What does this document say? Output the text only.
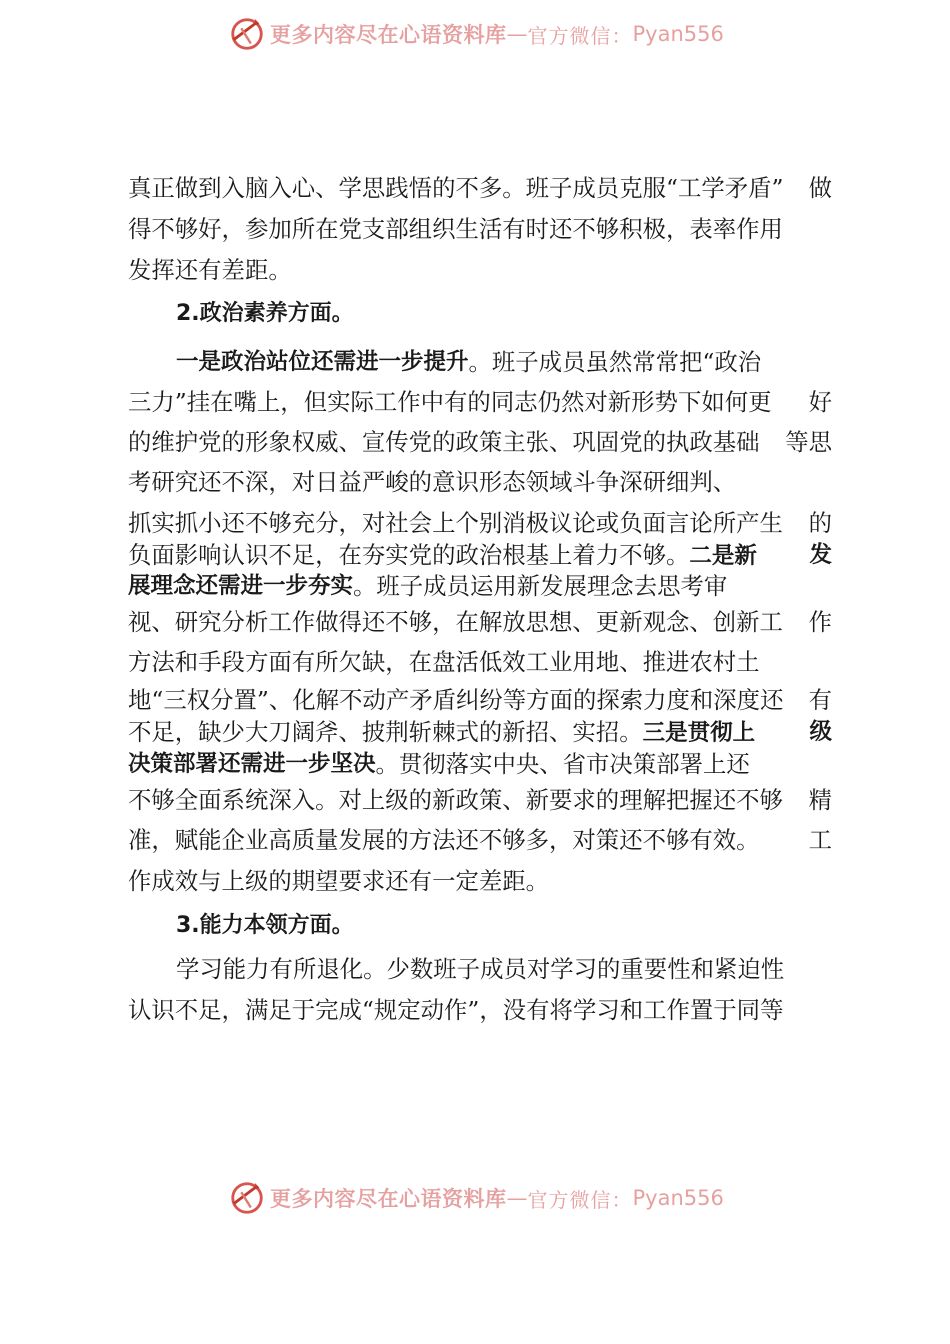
更多内容尽在心语资料库 — 官方微信： Pyan556
真正做到入脑入心、学思践悟的不多。班子成员克服“工学矛盾” 做
得不够好，参加所在党支部组织生活有时还不够积极，表率作用
发挥还有差距。
2.政治素养方面。
一是政治站位还需进一步提升 。班子成员虽然常常把“政治
三力”挂在嘴上，但实际工作中有的同志仍然对新形势下如何更 好
的维护党的形象权威、宣传党的政策主张、巩固党的执政基础 等思
考研究还不深，对日益严峻的意识形态领域斗争深研细判、
抓实抓小还不够充分，对社会上个别消极议论或负面言论所产生 的
负面影响认识不足，在夯实党的政治根基上着力不够。二是新 发
展理念还需进一步夯实 。班子成员运用新发展理念去思考审
视、研究分析工作做得还不够，在解放思想、更新观念、创新工 作
方法和手段方面有所欠缺，在盘活低效工业用地、推进农村土
地“三权分置”、化解不动产矛盾纠纷等方面的探索力度和深度还 有
不足，缺少大刀阔斧、披荆斩棘式的新招、实招。三是贯彻上 级
决策部署还需进一步坚决 。贯彻落实中央、省市决策部署上还
不够全面系统深入。对上级的新政策、新要求的理解把握还不够 精
准，赋能企业高质量发展的方法还不够多，对策还不够有效。 工
作成效与上级的期望要求还有一定差距。
3.能力本领方面。
学习能力有所退化。少数班子成员对学习的重要性和紧迫性
认识不足，满足于完成“规定动作”，没有将学习和工作置于同等
更多内容尽在心语资料库 — 官方微信： Pyan556
